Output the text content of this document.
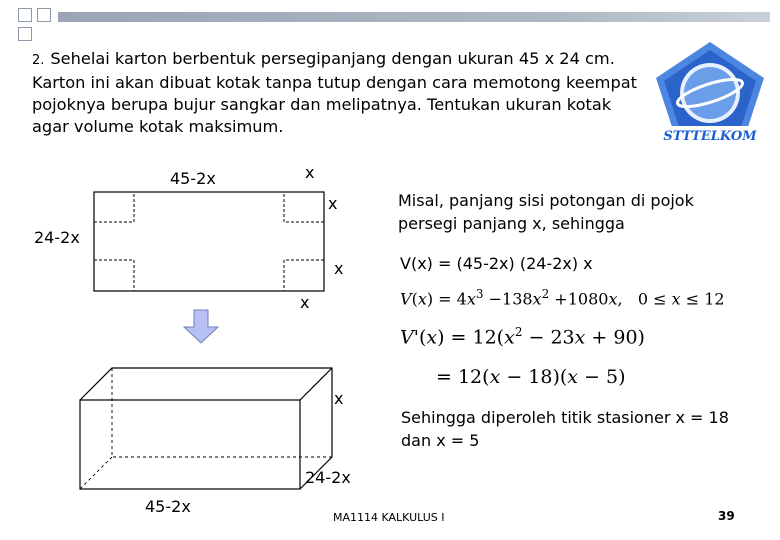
2. Sehelai karton berbentuk persegipanjang dengan ukuran 45 x 24 cm. Karton ini akan dibuat kotak tanpa tutup dengan cara memotong keempat pojoknya berupa bujur sangkar dan melipatnya. Tentukan ukuran kotak agar volume kotak maksimum.
STTTELKOM
45-2x
24-2x
x
x
x
x
x
24-2x
45-2x
Misal, panjang sisi potongan di pojok persegi panjang x, sehingga
V(x) = (45-2x) (24-2x) x
$V(x) = 4x^3 -138x^2 +1080x$,   0 ≤ x ≤ 12
$V'(x) = 12(x^2 - 23x + 90)$
= 12(x − 18)(x − 5)
Sehingga diperoleh titik stasioner x = 18 dan x = 5
MA1114 KALKULUS I	39
